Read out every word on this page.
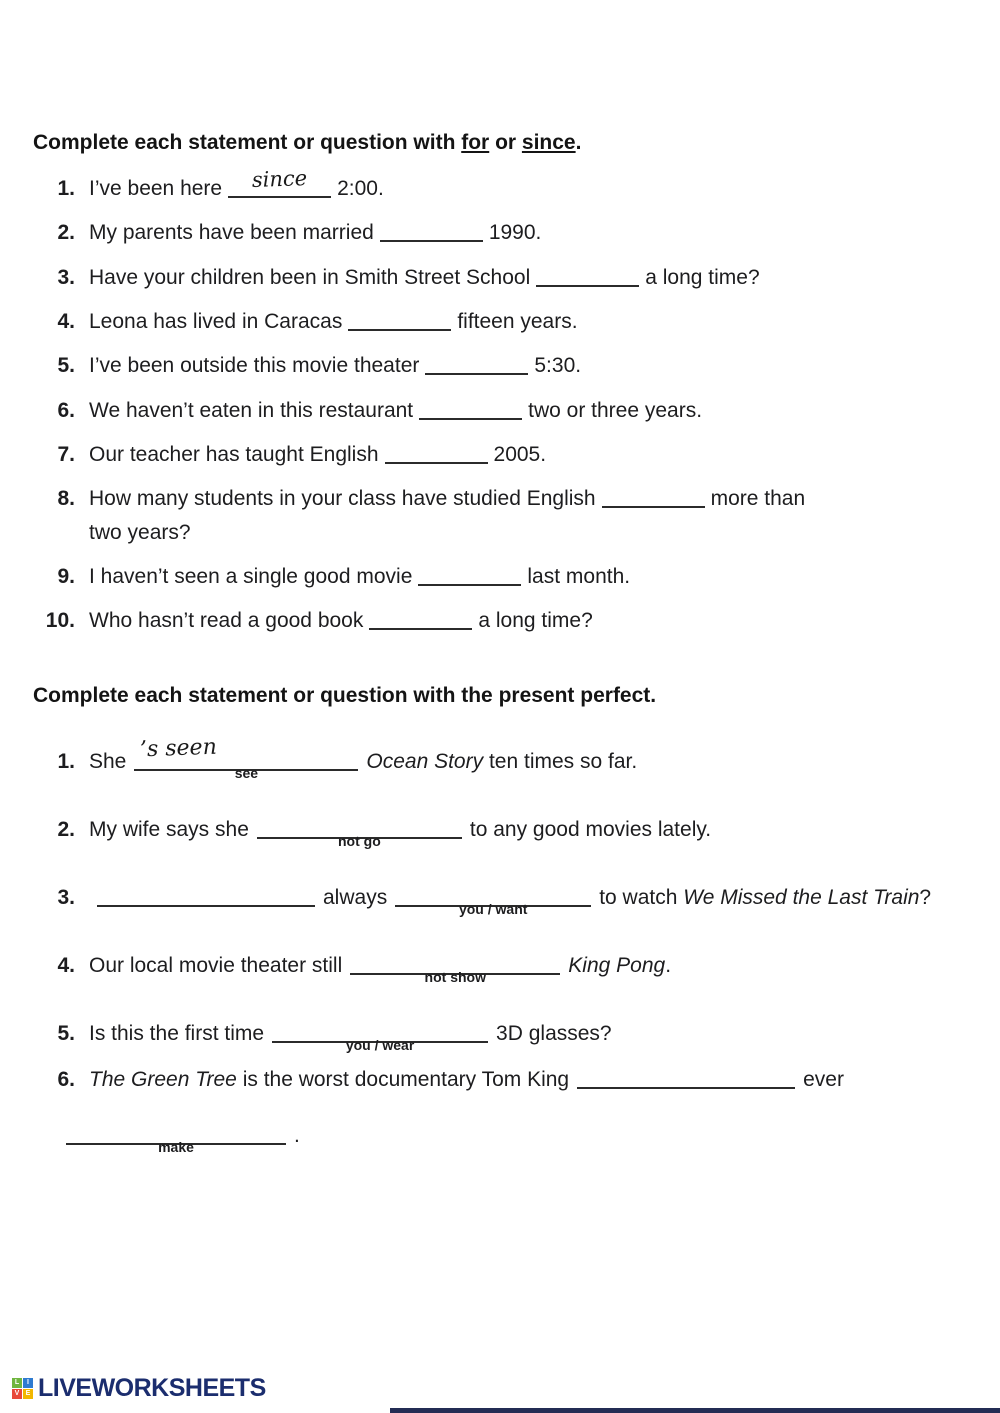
Complete each statement or question with for or since.
1. I’ve been here	since	2:00.
2. My parents have been married	1990.
3. Have your children been in Smith Street School	a long time?
4. Leona has lived in Caracas	fifteen years.
5. I’ve been outside this movie theater	5:30.
6. We haven’t eaten in this restaurant	two or three years.
7. Our teacher has taught English	2005.
8. How many students in your class have studied English	more than
two years?
9. I haven’t seen a single good movie	last month.
10. Who hasn’t read a good book	a long time?
Complete each statement or question with the present perfect.
1. She ’s seen
see
Ocean Story ten times so far.
2. My wife says she
not go
to any good movies lately.
3.	always
you / want
to watch We Missed the Last Train?
4. Our local movie theater still
not show
King Pong.
5. Is this the first time
you / wear
3D glasses?
6. The Green Tree is the worst documentary Tom King	ever
make
.
L	I
V E LIVEWORKSHEETS
